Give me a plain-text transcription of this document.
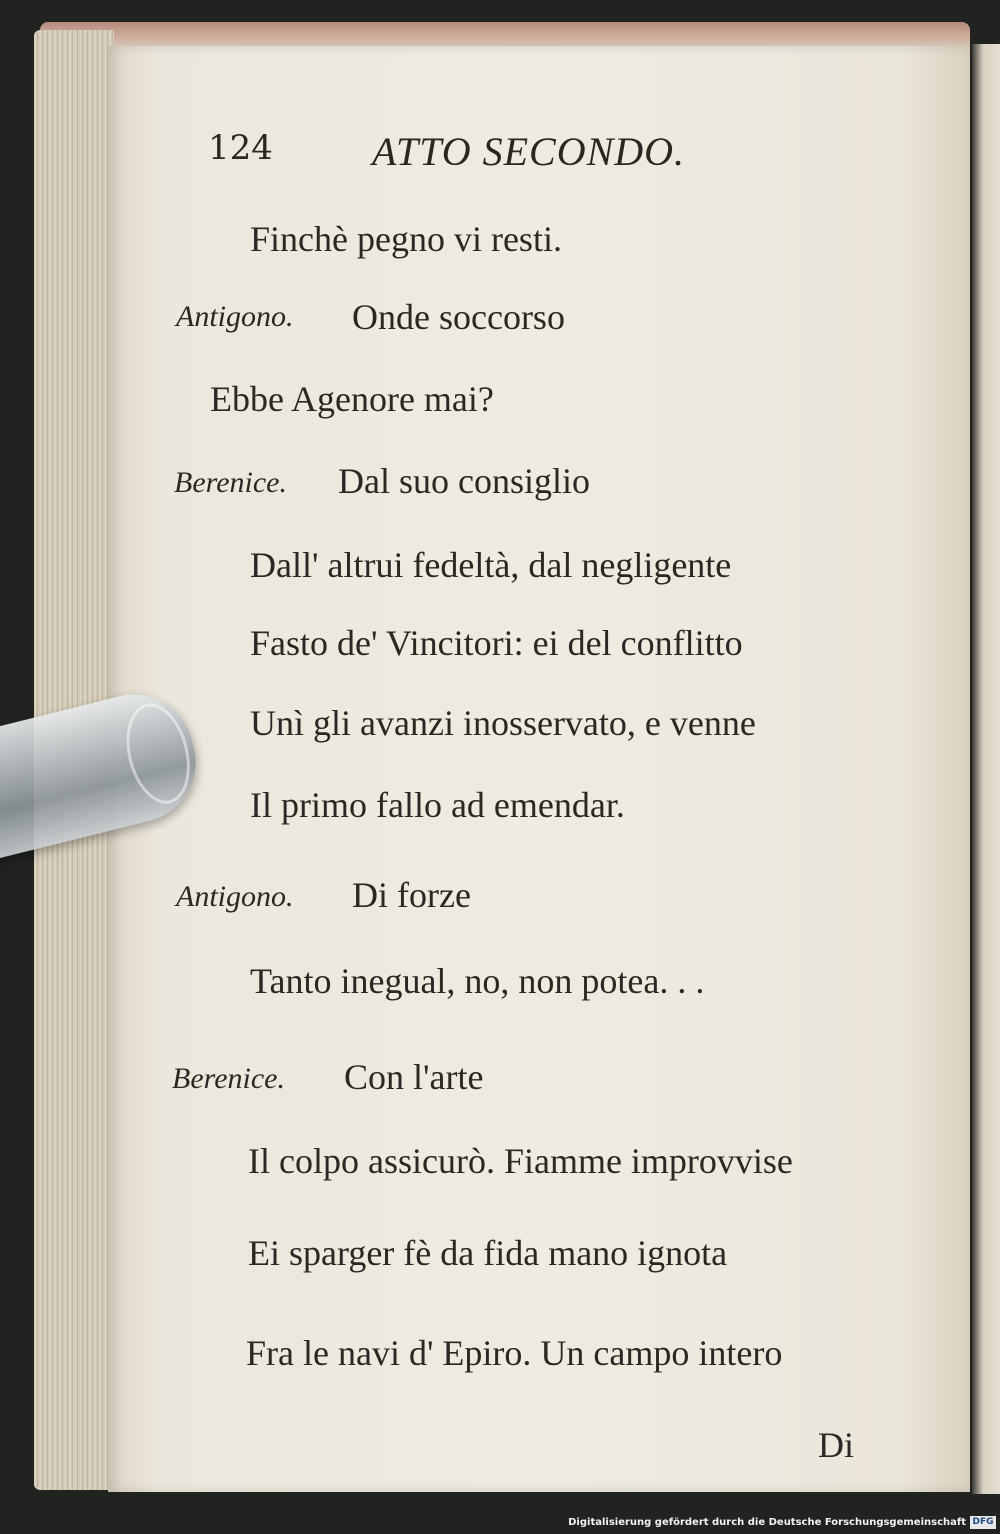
124 ATTO SECONDO.
Finchè pegno vi resti.
Antigono. Onde soccorso
Ebbe Agenore mai?
Berenice. Dal suo consiglio
Dall' altrui fedeltà, dal negligente
Fasto de' Vincitori: ei del conflitto
Unì gli avanzi inosservato, e venne
Il primo fallo ad emendar.
Antigono. Di forze
Tanto inegual, no, non potea. . .
Berenice. Con l'arte
Il colpo assicurò. Fiamme improvvise
Ei sparger fè da fida mano ignota
Fra le navi d' Epiro. Un campo intero
Di
Digitalisierung gefördert durch die Deutsche Forschungsgemeinschaft DFG
